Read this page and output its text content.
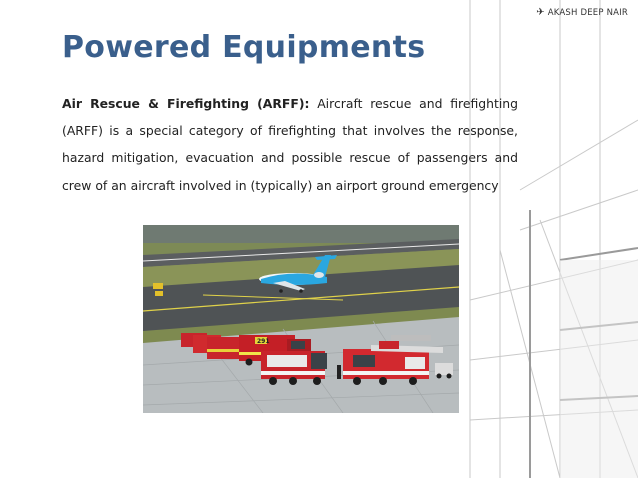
✈ AKASH DEEP NAIR
Powered Equipments

Air Rescue & Firefighting (ARFF): Aircraft rescue and firefighting (ARFF) is a special category of firefighting that involves the response, hazard mitigation, evacuation and possible rescue of passengers and crew of an aircraft involved in (typically) an airport ground emergency

291
